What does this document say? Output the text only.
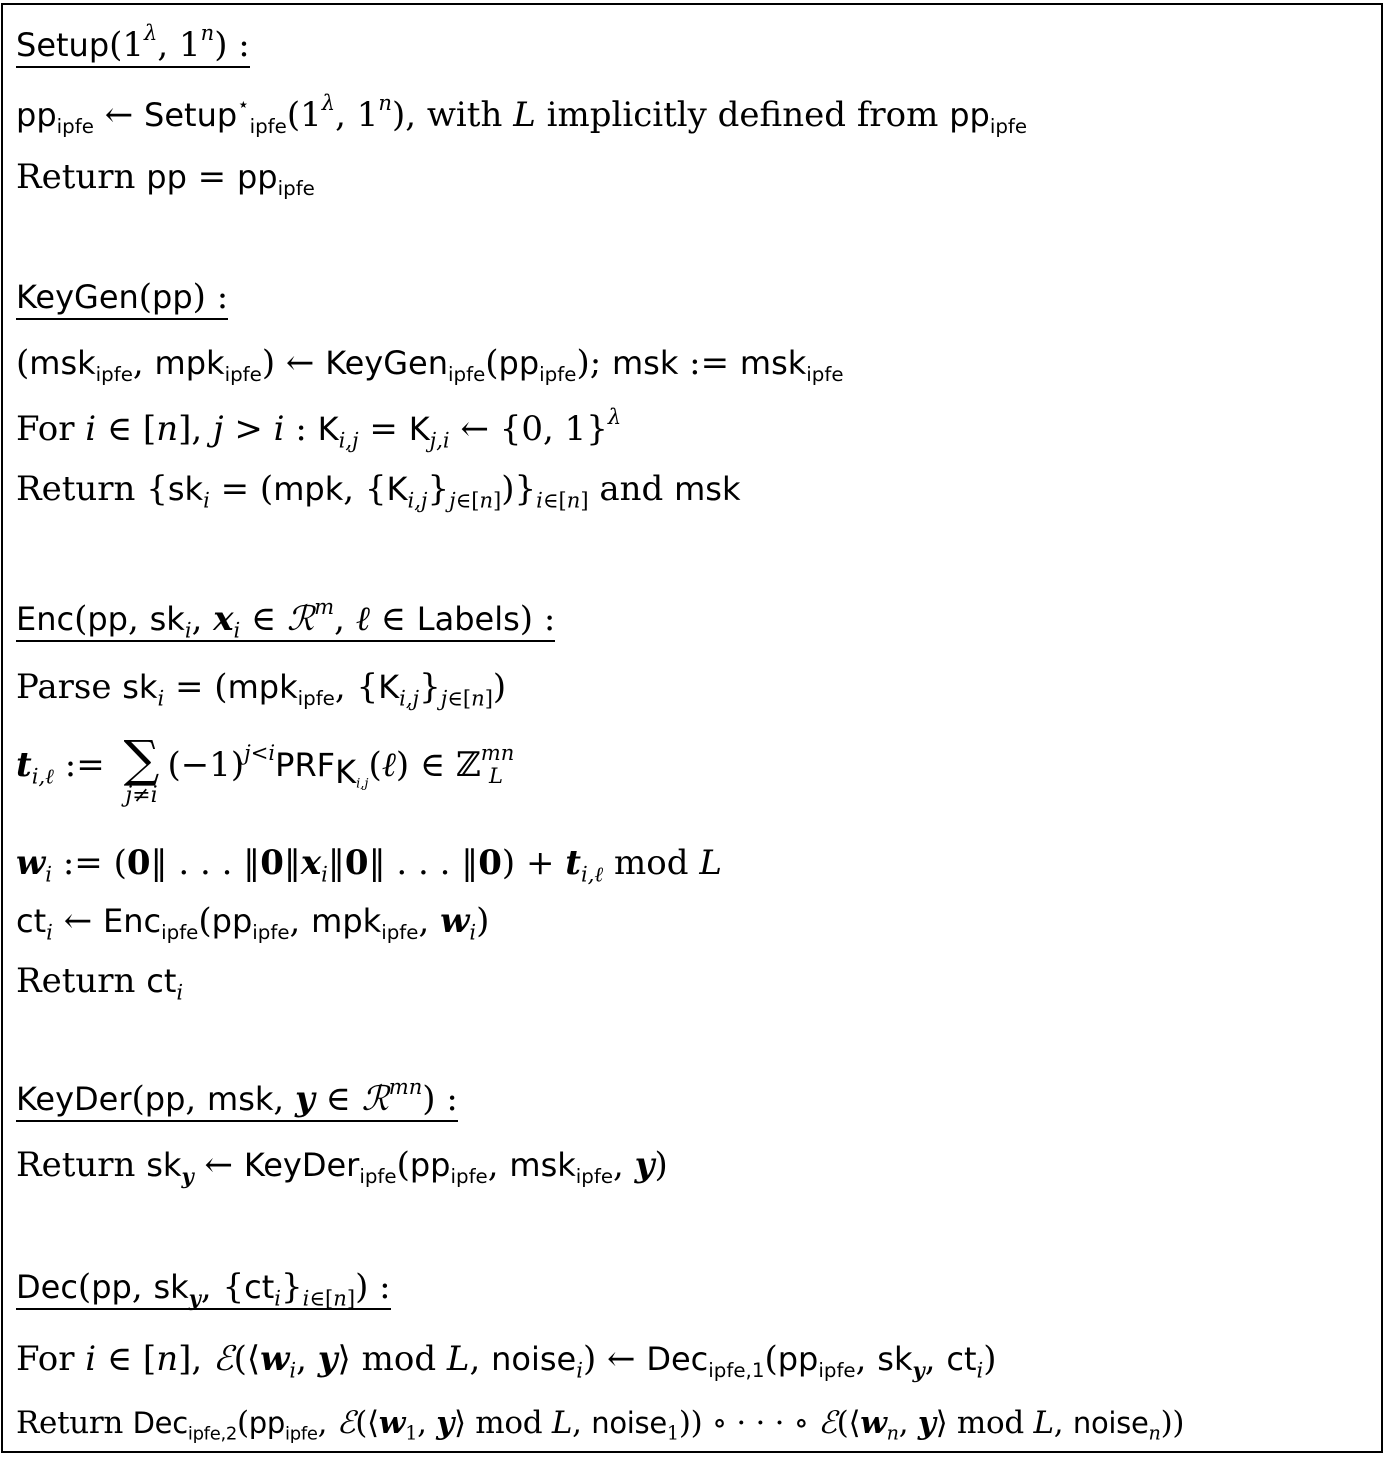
$Setup(1^\lambda$, 1$^n$) :
$pp_{ipfe}$ ← $Setup^⋆_{ipfe}(1^\lambda$, 1$^n$), with L implicitly defined from $pp_{ipfe}$
Return pp = $pp_{ipfe}$
KeyGen(pp) :
(msk$_{ipfe}$, mpk$_{ipfe}$) ← $KeyGen_{ipfe}(pp_{ipfe})$; msk := msk$_{ipfe}$
For i ∈ [n], j > i : $K_{i,j} = K_{j,i}$ ← {0, 1}$^\lambda$
Return {$sk_i = (mpk$, $\{K_{i,j}\}_{j\in[n]})\}_{i\in[n]}$ and msk
Enc(pp, $sk_i$, $x_i$ ∈ ℛ$^m$, ℓ ∈ Labels) :
Parse $sk_i = (mpk_{ipfe}$, $\{K_{i,j}\}_{j\in[n]}$)
$t_{i,\ell}$ := ∑
j≠i
$(-1)^{j<i}PRF_{K_{i,j}}(\ell)$ ∈ ℤ$^{mn}_L$
$w_i$ := (0‖ . . . $‖0‖x_i‖0‖$ . . . ‖0) + $t_{i,\ell}$ mod L
$ct_i$ ← $Enc_{ipfe}(pp_{ipfe}$, mpk$_{ipfe}$, $w_i$)
Return $ct_i$
KeyDer(pp, msk, y ∈ ℛ$^{mn}$) :
Return $sk_y$ ← $KeyDer_{ipfe}(pp_{ipfe}$, msk$_{ipfe}$, y)
Dec(pp, $sk_y$, $\{ct_i\}_{i\in[n]}$) :
For i ∈ [n], $ℰ(⟨w_i$, y⟩ mod L, noise$_i$) ← $Dec_{ipfe,1}(pp_{ipfe}$, $sk_y$, $ct_i$)
Return $Dec_{ipfe,2}(pp_{ipfe}$, $ℰ(⟨w_1$, y⟩ mod L, noise$_1$)) ∘ · · · ∘ $ℰ(⟨w_n$, y⟩ mod L, noise$_n$))
